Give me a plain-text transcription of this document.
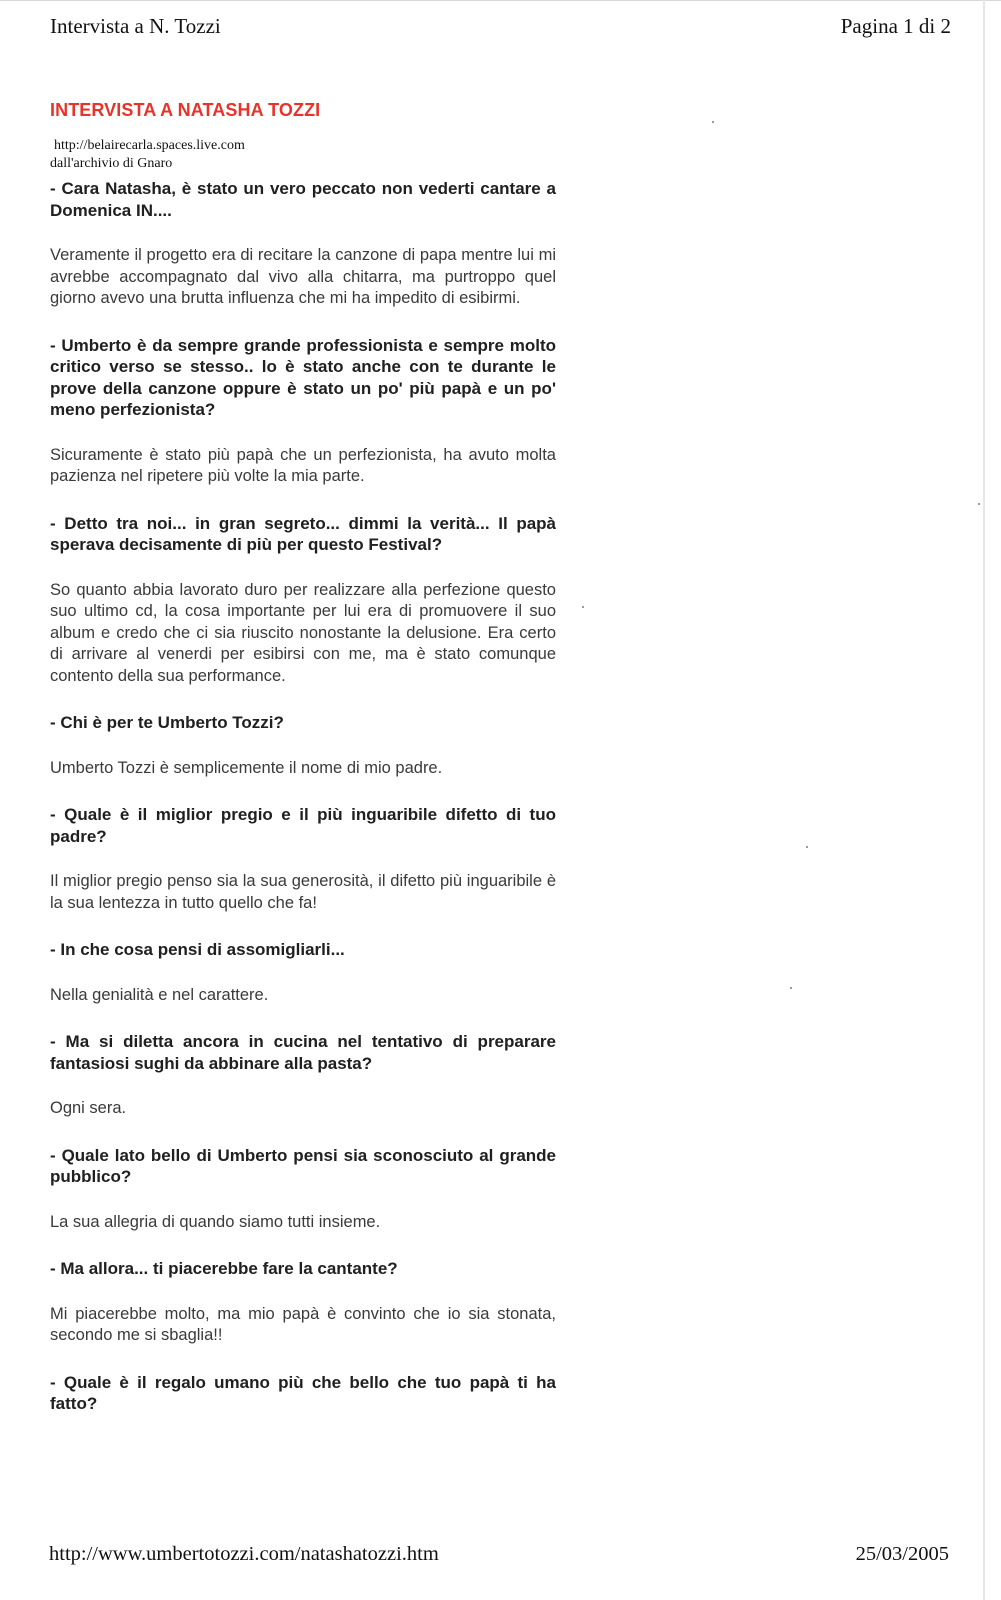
Intervista a N. Tozzi	Pagina 1 di 2
INTERVISTA A NATASHA TOZZI
http://belairecarla.spaces.live.com
dall'archivio di Gnaro

- Cara Natasha, è stato un vero peccato non vederti cantare a Domenica IN....

Veramente il progetto era di recitare la canzone di papa mentre lui mi avrebbe accompagnato dal vivo alla chitarra, ma purtroppo quel giorno avevo una brutta influenza che mi ha impedito di esibirmi.

- Umberto è da sempre grande professionista e sempre molto critico verso se stesso.. lo è stato anche con te durante le prove della canzone oppure è stato un po' più papà e un po' meno perfezionista?

Sicuramente è stato più papà che un perfezionista, ha avuto molta pazienza nel ripetere più volte la mia parte.

- Detto tra noi... in gran segreto... dimmi la verità... Il papà sperava decisamente di più per questo Festival?

So quanto abbia lavorato duro per realizzare alla perfezione questo suo ultimo cd, la cosa importante per lui era di promuovere il suo album e credo che ci sia riuscito nonostante la delusione. Era certo di arrivare al venerdi per esibirsi con me, ma è stato comunque contento della sua performance.

- Chi è per te Umberto Tozzi?

Umberto Tozzi è semplicemente il nome di mio padre.

- Quale è il miglior pregio e il più inguaribile difetto di tuo padre?

Il miglior pregio penso sia la sua generosità, il difetto più inguaribile è la sua lentezza in tutto quello che fa!

- In che cosa pensi di assomigliarli...

Nella genialità e nel carattere.

- Ma si diletta ancora in cucina nel tentativo di preparare fantasiosi sughi da abbinare alla pasta?

Ogni sera.

- Quale lato bello di Umberto pensi sia sconosciuto al grande pubblico?

La sua allegria di quando siamo tutti insieme.

- Ma allora... ti piacerebbe fare la cantante?

Mi piacerebbe molto, ma mio papà è convinto che io sia stonata, secondo me si sbaglia!!

- Quale è il regalo umano più che bello che tuo papà ti ha fatto?

http://www.umbertotozzi.com/natashatozzi.htm	25/03/2005
